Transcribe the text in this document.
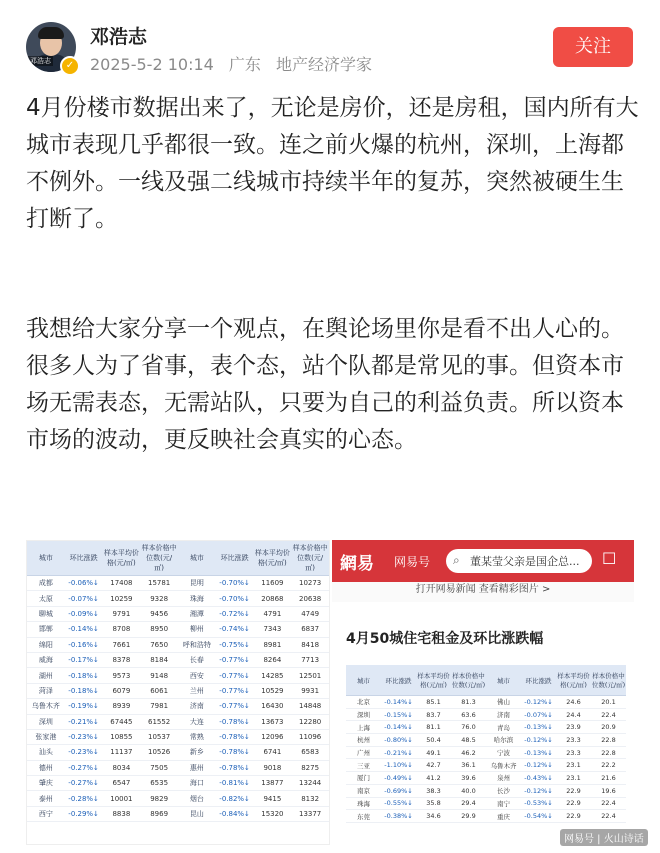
邓浩志	✓
邓浩志
2025-5-2 10:14 广东 地产经济学家
关注

4月份楼市数据出来了，无论是房价，还是房租，国内所有大城市表现几乎都很一致。连之前火爆的杭州，深圳，上海都不例外。一线及强二线城市持续半年的复苏，突然被硬生生打断了。

我想给大家分享一个观点，在舆论场里你是看不出人心的。很多人为了省事，表个态，站个队都是常见的事。但资本市场无需表态，无需站队，只要为自己的利益负责。所以资本市场的波动，更反映社会真实的心态。

城市	环比涨跌	样本平均价格(元/㎡)	样本价格中位数(元/㎡)	城市	环比涨跌	样本平均价格(元/㎡)	样本价格中位数(元/㎡)
成都	-0.06%↓	17408	15781	昆明	-0.70%↓	11609	10273
太原	-0.07%↓	10259	9328	珠海	-0.70%↓	20868	20638
聊城	-0.09%↓	9791	9456	湘潭	-0.72%↓	4791	4749
邯郸	-0.14%↓	8708	8950	柳州	-0.74%↓	7343	6837
绵阳	-0.16%↓	7661	7650	呼和浩特	-0.75%↓	8981	8418
威海	-0.17%↓	8378	8184	长春	-0.77%↓	8264	7713
湖州	-0.18%↓	9573	9148	西安	-0.77%↓	14285	12501
菏泽	-0.18%↓	6079	6061	兰州	-0.77%↓	10529	9931
乌鲁木齐	-0.19%↓	8939	7981	济南	-0.77%↓	16430	14848
深圳	-0.21%↓	67445	61552	大连	-0.78%↓	13673	12280
张家港	-0.23%↓	10855	10537	常熟	-0.78%↓	12096	11096
汕头	-0.23%↓	11137	10526	新乡	-0.78%↓	6741	6583
德州	-0.27%↓	8034	7505	惠州	-0.78%↓	9018	8275
肇庆	-0.27%↓	6547	6535	海口	-0.81%↓	13877	13244
泰州	-0.28%↓	10001	9829	烟台	-0.82%↓	9415	8132
西宁	-0.29%↓	8838	8969	昆山	-0.84%↓	15320	13377
網易 网易号 ⌕ 董某莹父亲是国企总... ☐
打开网易新闻 查看精彩图片 >
4月50城住宅租金及环比涨跌幅
城市	环比涨跌	样本平均价格(元/㎡)	样本价格中位数(元/㎡)	城市	环比涨跌	样本平均价格(元/㎡)	样本价格中位数(元/㎡)
北京	-0.14%↓	85.1	81.3	佛山	-0.12%↓	24.6	20.1
深圳	-0.15%↓	83.7	63.6	济南	-0.07%↓	24.4	22.4
上海	-0.14%↓	81.1	76.0	青岛	-0.13%↓	23.9	20.9
杭州	-0.80%↓	50.4	48.5	哈尔滨	-0.12%↓	23.3	22.8
广州	-0.21%↓	49.1	46.2	宁波	-0.13%↓	23.3	22.8
三亚	-1.10%↓	42.7	36.1	乌鲁木齐	-0.12%↓	23.1	22.2
厦门	-0.49%↓	41.2	39.6	泉州	-0.43%↓	23.1	21.6
南京	-0.69%↓	38.3	40.0	长沙	-0.12%↓	22.9	19.6
珠海	-0.55%↓	35.8	29.4	南宁	-0.53%↓	22.9	22.4
东莞	-0.38%↓	34.6	29.9	重庆	-0.54%↓	22.9	22.4
网易号 | 火山诗话
